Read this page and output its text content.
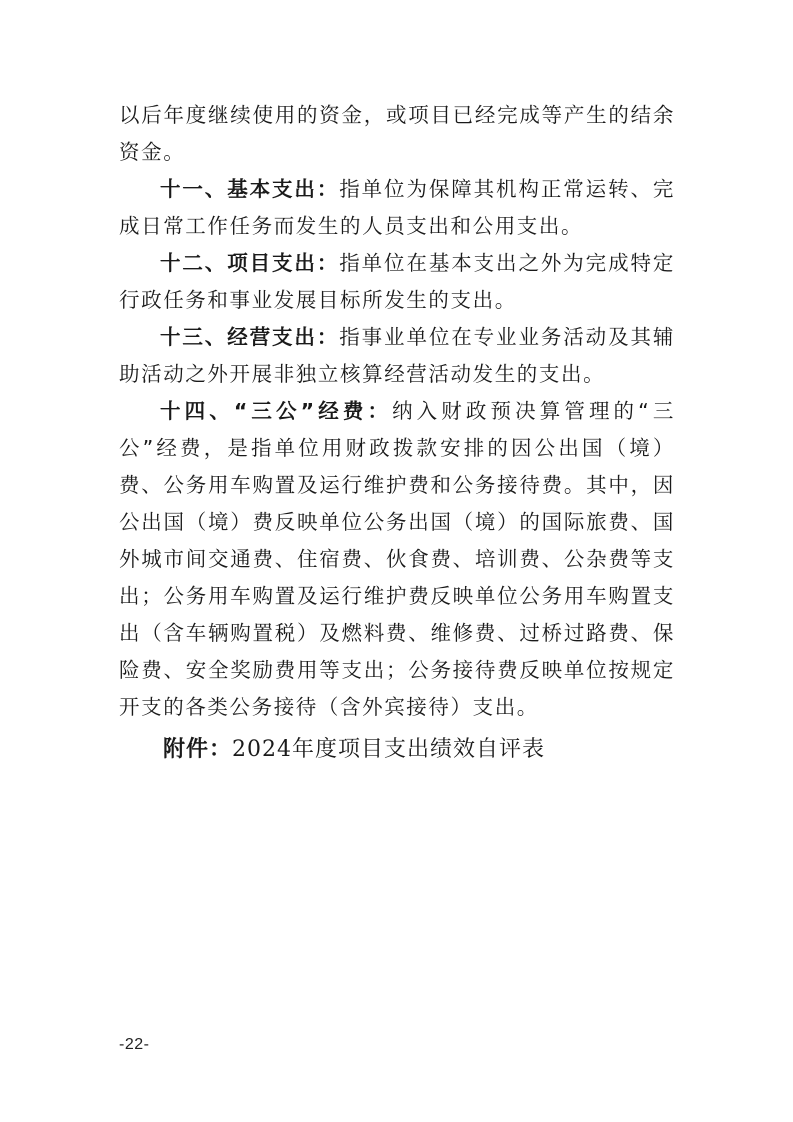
以后年度继续使用的资金，或项目已经完成等产生的结余资金。

十一、基本支出：指单位为保障其机构正常运转、完成日常工作任务而发生的人员支出和公用支出。

十二、项目支出：指单位在基本支出之外为完成特定行政任务和事业发展目标所发生的支出。

十三、经营支出：指事业单位在专业业务活动及其辅助活动之外开展非独立核算经营活动发生的支出。

十四、“三公”经费：纳入财政预决算管理的“三公”经费，是指单位用财政拨款安排的因公出国（境）费、公务用车购置及运行维护费和公务接待费。其中，因公出国（境）费反映单位公务出国（境）的国际旅费、国外城市间交通费、住宿费、伙食费、培训费、公杂费等支出；公务用车购置及运行维护费反映单位公务用车购置支出（含车辆购置税）及燃料费、维修费、过桥过路费、保险费、安全奖励费用等支出；公务接待费反映单位按规定开支的各类公务接待（含外宾接待）支出。

附件：2024年度项目支出绩效自评表

-22-
